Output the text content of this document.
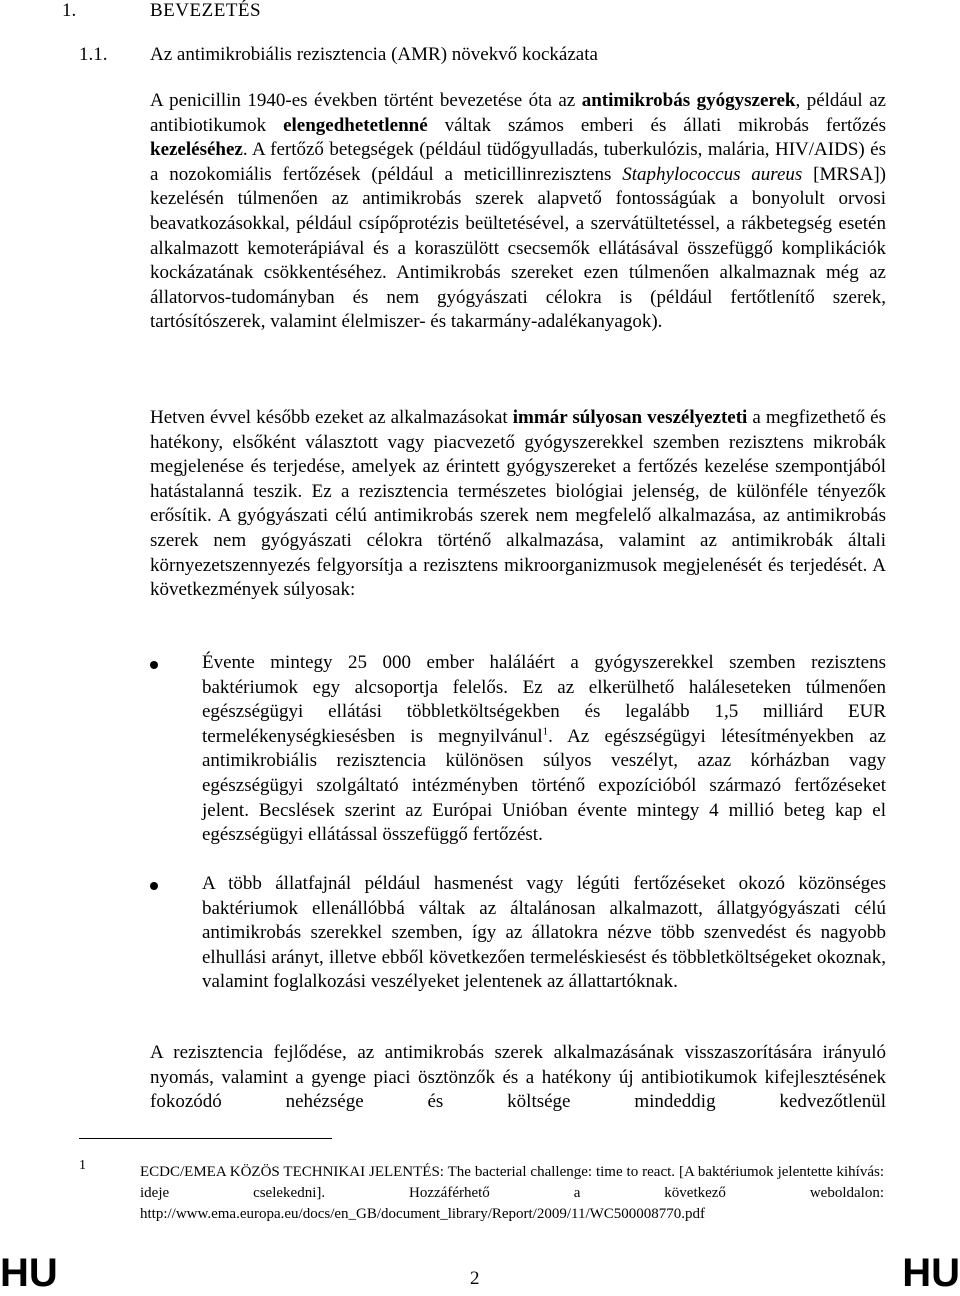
1.	BEVEZETÉS
1.1. Az antimikrobiális rezisztencia (AMR) növekvő kockázata

A penicillin 1940-es években történt bevezetése óta az antimikrobás gyógyszerek, például az antibiotikumok elengedhetetlenné váltak számos emberi és állati mikrobás fertőzés kezeléséhez. A fertőző betegségek (például tüdőgyulladás, tuberkulózis, malária, HIV/AIDS) és a nozokomiális fertőzések (például a meticillinrezisztens Staphylococcus aureus [MRSA]) kezelésén túlmenően az antimikrobás szerek alapvető fontosságúak a bonyolult orvosi beavatkozásokkal, például csípőprotézis beültetésével, a szervátültetéssel, a rákbetegség esetén alkalmazott kemoterápiával és a koraszülött csecsemők ellátásával összefüggő komplikációk kockázatának csökkentéséhez. Antimikrobás szereket ezen túlmenően alkalmaznak még az állatorvos-tudományban és nem gyógyászati célokra is (például fertőtlenítő szerek, tartósítószerek, valamint élelmiszer- és takarmány-adalékanyagok).

Hetven évvel később ezeket az alkalmazásokat immár súlyosan veszélyezteti a megfizethető és hatékony, elsőként választott vagy piacvezető gyógyszerekkel szemben rezisztens mikrobák megjelenése és terjedése, amelyek az érintett gyógyszereket a fertőzés kezelése szempontjából hatástalanná teszik. Ez a rezisztencia természetes biológiai jelenség, de különféle tényezők erősítik. A gyógyászati célú antimikrobás szerek nem megfelelő alkalmazása, az antimikrobás szerek nem gyógyászati célokra történő alkalmazása, valamint az antimikrobák általi környezetszennyezés felgyorsítja a rezisztens mikroorganizmusok megjelenését és terjedését. A következmények súlyosak:

Évente mintegy 25 000 ember haláláért a gyógyszerekkel szemben rezisztens baktériumok egy alcsoportja felelős. Ez az elkerülhető haláleseteken túlmenően egészségügyi ellátási többletköltségekben és legalább 1,5 milliárd EUR termelékenységkiesésben is megnyilvánul$^1$. Az egészségügyi létesítményekben az antimikrobiális rezisztencia különösen súlyos veszélyt, azaz kórházban vagy egészségügyi szolgáltató intézményben történő expozícióból származó fertőzéseket jelent. Becslések szerint az Európai Unióban évente mintegy 4 millió beteg kap el egészségügyi ellátással összefüggő fertőzést.

A több állatfajnál például hasmenést vagy légúti fertőzéseket okozó közönséges baktériumok ellenállóbbá váltak az általánosan alkalmazott, állatgyógyászati célú antimikrobás szerekkel szemben, így az állatokra nézve több szenvedést és nagyobb elhullási arányt, illetve ebből következően termeléskiesést és többletköltségeket okoznak, valamint foglalkozási veszélyeket jelentenek az állattartóknak.

A rezisztencia fejlődése, az antimikrobás szerek alkalmazásának visszaszorítására irányuló nyomás, valamint a gyenge piaci ösztönzők és a hatékony új antibiotikumok kifejlesztésének fokozódó nehézsége és költsége mindeddig kedvezőtlenül

1	ECDC/EMEA KÖZÖS TECHNIKAI JELENTÉS: The bacterial challenge: time to react. [A baktériumok jelentette kihívás: ideje cselekedni]. Hozzáférhető a következő weboldalon: http://www.ema.europa.eu/docs/en_GB/document_library/Report/2009/11/WC500008770.pdf

HU	2	HU
